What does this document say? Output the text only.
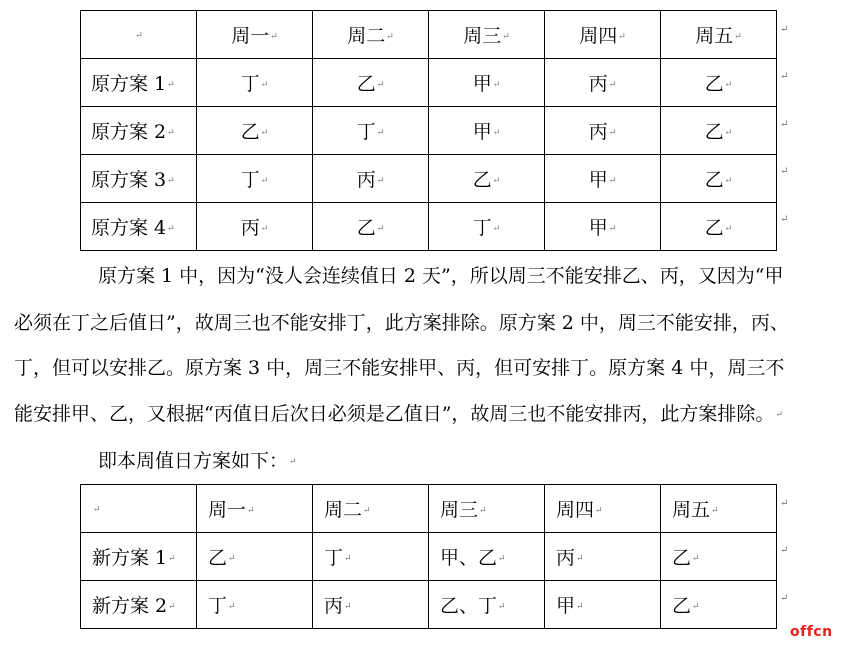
↵	周一↵	周二↵	周三↵	周四↵	周五↵
原方案 1↵	丁↵	乙↵	甲↵	丙↵	乙↵
原方案 2↵	乙↵	丁↵	甲↵	丙↵	乙↵
原方案 3↵	丁↵	丙↵	乙↵	甲↵	乙↵
原方案 4↵	丙↵	乙↵	丁↵	甲↵	乙↵
↵
↵
↵
↵
↵

原方案 1 中，因为“没人会连续值日 2 天”，所以周三不能安排乙、丙，又因为“甲

必须在丁之后值日”，故周三也不能安排丁，此方案排除。原方案 2 中，周三不能安排，丙、

丁，但可以安排乙。原方案 3 中，周三不能安排甲、丙，但可安排丁。原方案 4 中，周三不

能安排甲、乙，又根据“丙值日后次日必须是乙值日”，故周三也不能安排丙，此方案排除。↵

即本周值日方案如下：↵

↵	周一↵	周二↵	周三↵	周四↵	周五↵
新方案 1↵	乙↵	丁↵	甲、乙↵	丙↵	乙↵
新方案 2↵	丁↵	丙↵	乙、丁↵	甲↵	乙↵
↵
↵
↵
offcn
